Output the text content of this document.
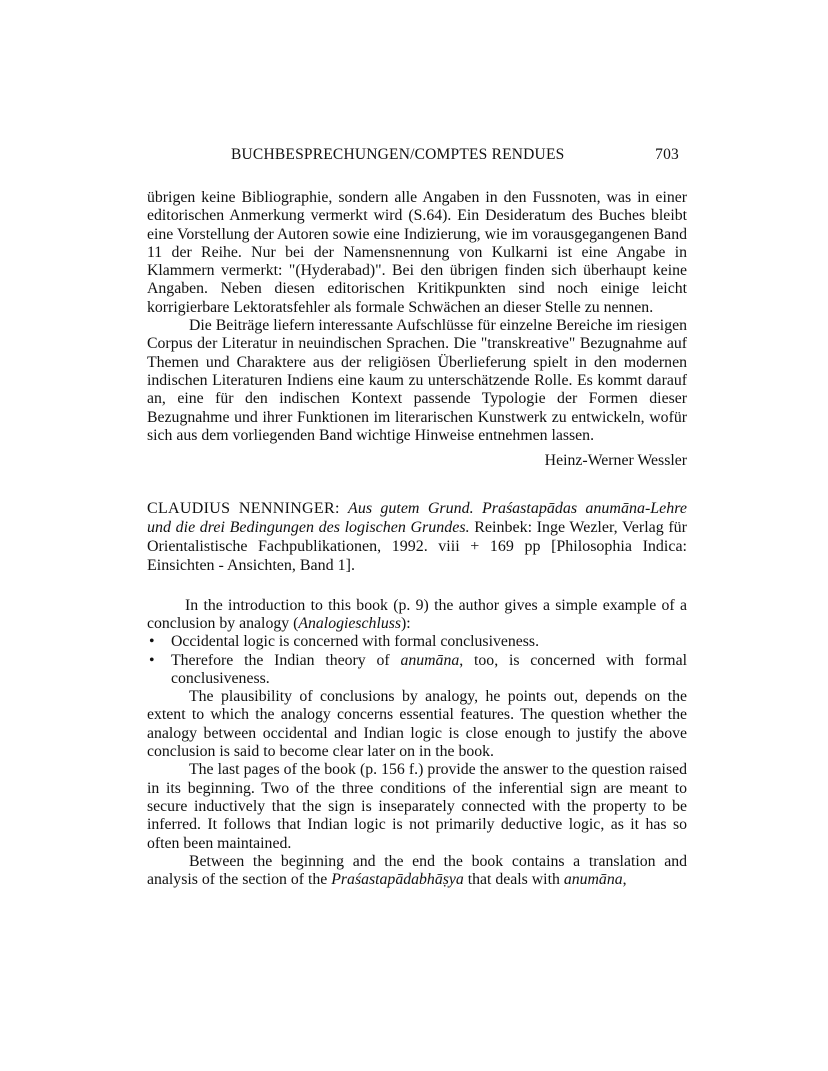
BUCHBESPRECHUNGEN/COMPTES RENDUES	703

übrigen keine Bibliographie, sondern alle Angaben in den Fussnoten, was in einer editorischen Anmerkung vermerkt wird (S.64). Ein Desideratum des Buches bleibt eine Vorstellung der Autoren sowie eine Indizierung, wie im vorausgegangenen Band 11 der Reihe. Nur bei der Namensnennung von Kulkarni ist eine Angabe in Klammern vermerkt: "(Hyderabad)". Bei den übrigen finden sich überhaupt keine Angaben. Neben diesen editorischen Kritikpunkten sind noch einige leicht korrigierbare Lektoratsfehler als formale Schwächen an dieser Stelle zu nennen.

Die Beiträge liefern interessante Aufschlüsse für einzelne Bereiche im riesigen Corpus der Literatur in neuindischen Sprachen. Die "transkreative" Bezugnahme auf Themen und Charaktere aus der religiösen Überlieferung spielt in den modernen indischen Literaturen Indiens eine kaum zu unterschätzende Rolle. Es kommt darauf an, eine für den indischen Kontext passende Typologie der Formen dieser Bezugnahme und ihrer Funktionen im literarischen Kunstwerk zu entwickeln, wofür sich aus dem vorliegenden Band wichtige Hinweise entnehmen lassen.

Heinz-Werner Wessler

CLAUDIUS NENNINGER: Aus gutem Grund. Praśastapādas anumāna-Lehre und die drei Bedingungen des logischen Grundes. Reinbek: Inge Wezler, Verlag für Orientalistische Fachpublikationen, 1992. viii + 169 pp [Philosophia Indica: Einsichten - Ansichten, Band 1].

In the introduction to this book (p. 9) the author gives a simple example of a conclusion by analogy (Analogieschluss):

• Occidental logic is concerned with formal conclusiveness.
• Therefore the Indian theory of anumāna, too, is concerned with formal conclusiveness.

The plausibility of conclusions by analogy, he points out, depends on the extent to which the analogy concerns essential features. The question whether the analogy between occidental and Indian logic is close enough to justify the above conclusion is said to become clear later on in the book.

The last pages of the book (p. 156 f.) provide the answer to the question raised in its beginning. Two of the three conditions of the inferential sign are meant to secure inductively that the sign is inseparately connected with the property to be inferred. It follows that Indian logic is not primarily deductive logic, as it has so often been maintained.

Between the beginning and the end the book contains a translation and analysis of the section of the Praśastapādabhāṣya that deals with anumāna,
